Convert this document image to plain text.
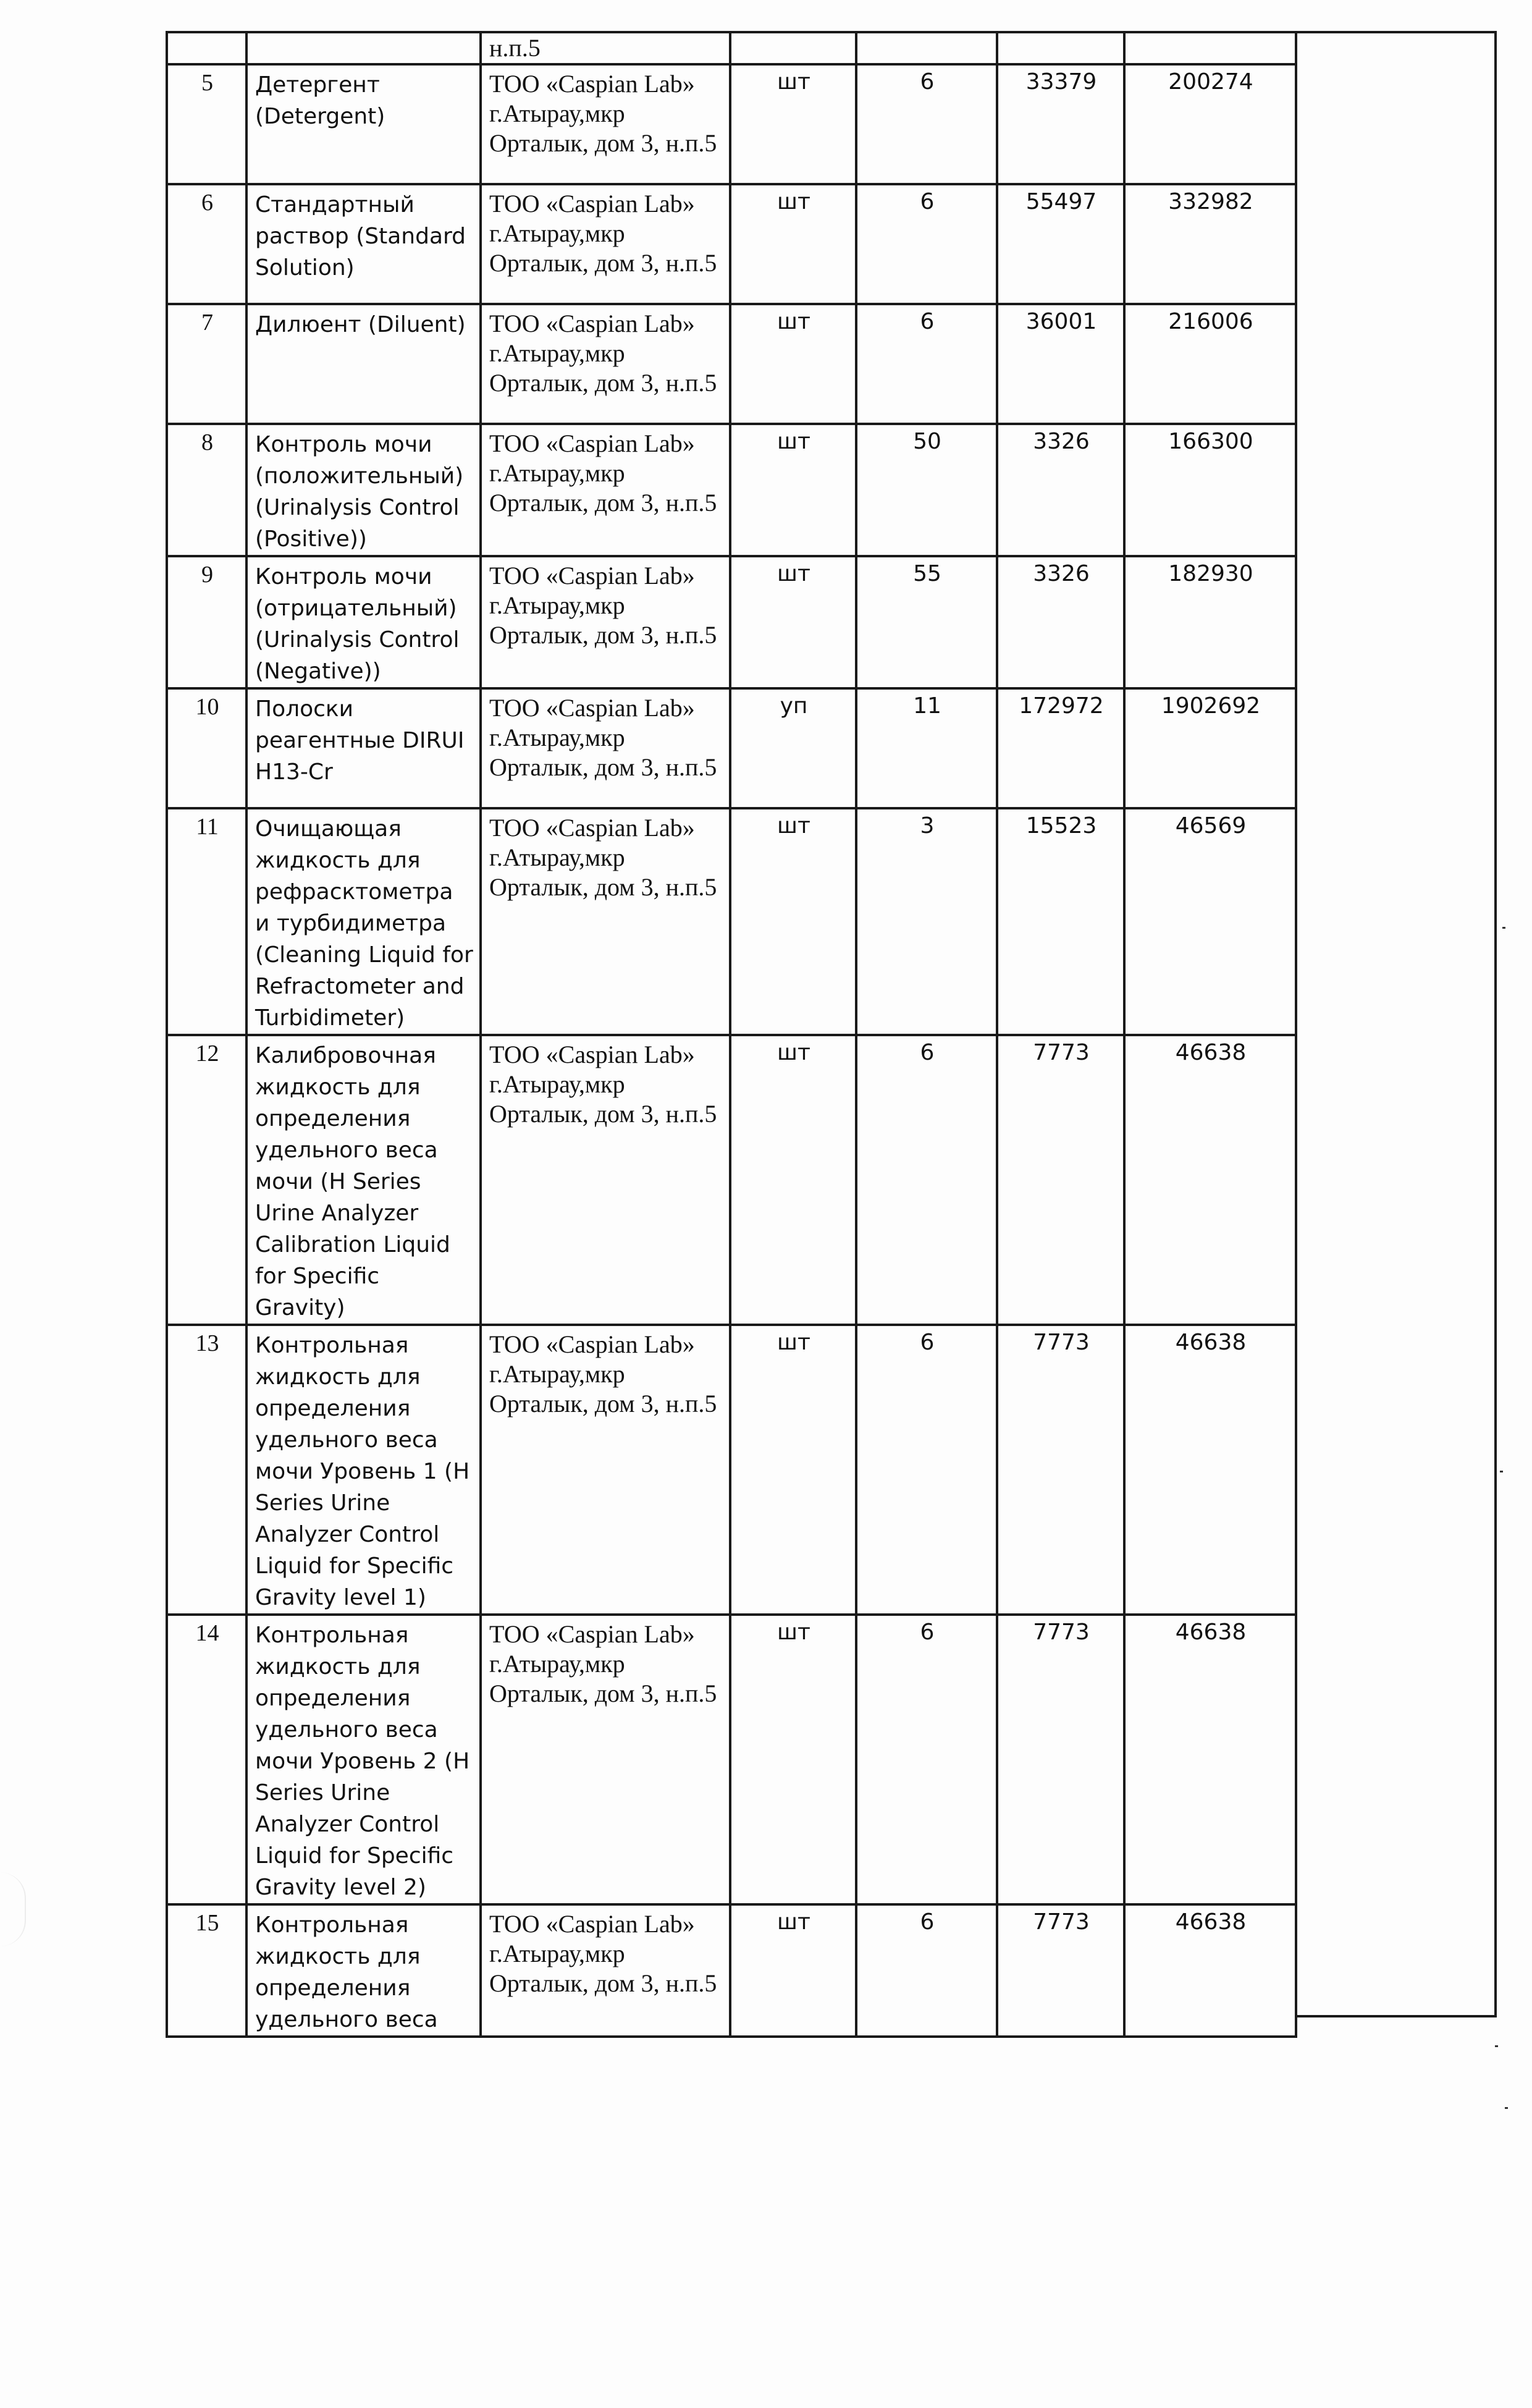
		н.п.5				
5	Детергент (Detergent)	ТОО «Caspian Lab» г.Атырау,мкр Орталык, дом 3, н.п.5	шт	6	33379	200274
6	Стандартный раствор (Standard Solution)	ТОО «Caspian Lab» г.Атырау,мкр Орталык, дом 3, н.п.5	шт	6	55497	332982
7	Дилюент (Diluent)	ТОО «Caspian Lab» г.Атырау,мкр Орталык, дом 3, н.п.5	шт	6	36001	216006
8	Контроль мочи (положительный) (Urinalysis Control (Positive))	ТОО «Caspian Lab» г.Атырау,мкр Орталык, дом 3, н.п.5	шт	50	3326	166300
9	Контроль мочи (отрицательный) (Urinalysis Control (Negative))	ТОО «Caspian Lab» г.Атырау,мкр Орталык, дом 3, н.п.5	шт	55	3326	182930
10	Полоски реагентные DIRUI H13-Cr	ТОО «Caspian Lab» г.Атырау,мкр Орталык, дом 3, н.п.5	уп	11	172972	1902692
11	Очищающая жидкость для рефрасктометра и турбидиметра (Cleaning Liquid for Refractometer and Turbidimeter)	ТОО «Caspian Lab» г.Атырау,мкр Орталык, дом 3, н.п.5	шт	3	15523	46569
12	Калибровочная жидкость для определения удельного веса мочи (H Series Urine Analyzer Calibration Liquid for Specific Gravity)	ТОО «Caspian Lab» г.Атырау,мкр Орталык, дом 3, н.п.5	шт	6	7773	46638
13	Контрольная жидкость для определения удельного веса мочи Уровень 1 (H Series Urine Analyzer Control Liquid for Specific Gravity level 1)	ТОО «Caspian Lab» г.Атырау,мкр Орталык, дом 3, н.п.5	шт	6	7773	46638
14	Контрольная жидкость для определения удельного веса мочи Уровень 2 (H Series Urine Analyzer Control Liquid for Specific Gravity level 2)	ТОО «Caspian Lab» г.Атырау,мкр Орталык, дом 3, н.п.5	шт	6	7773	46638
15	Контрольная жидкость для определения удельного веса	ТОО «Caspian Lab» г.Атырау,мкр Орталык, дом 3, н.п.5	шт	6	7773	46638
